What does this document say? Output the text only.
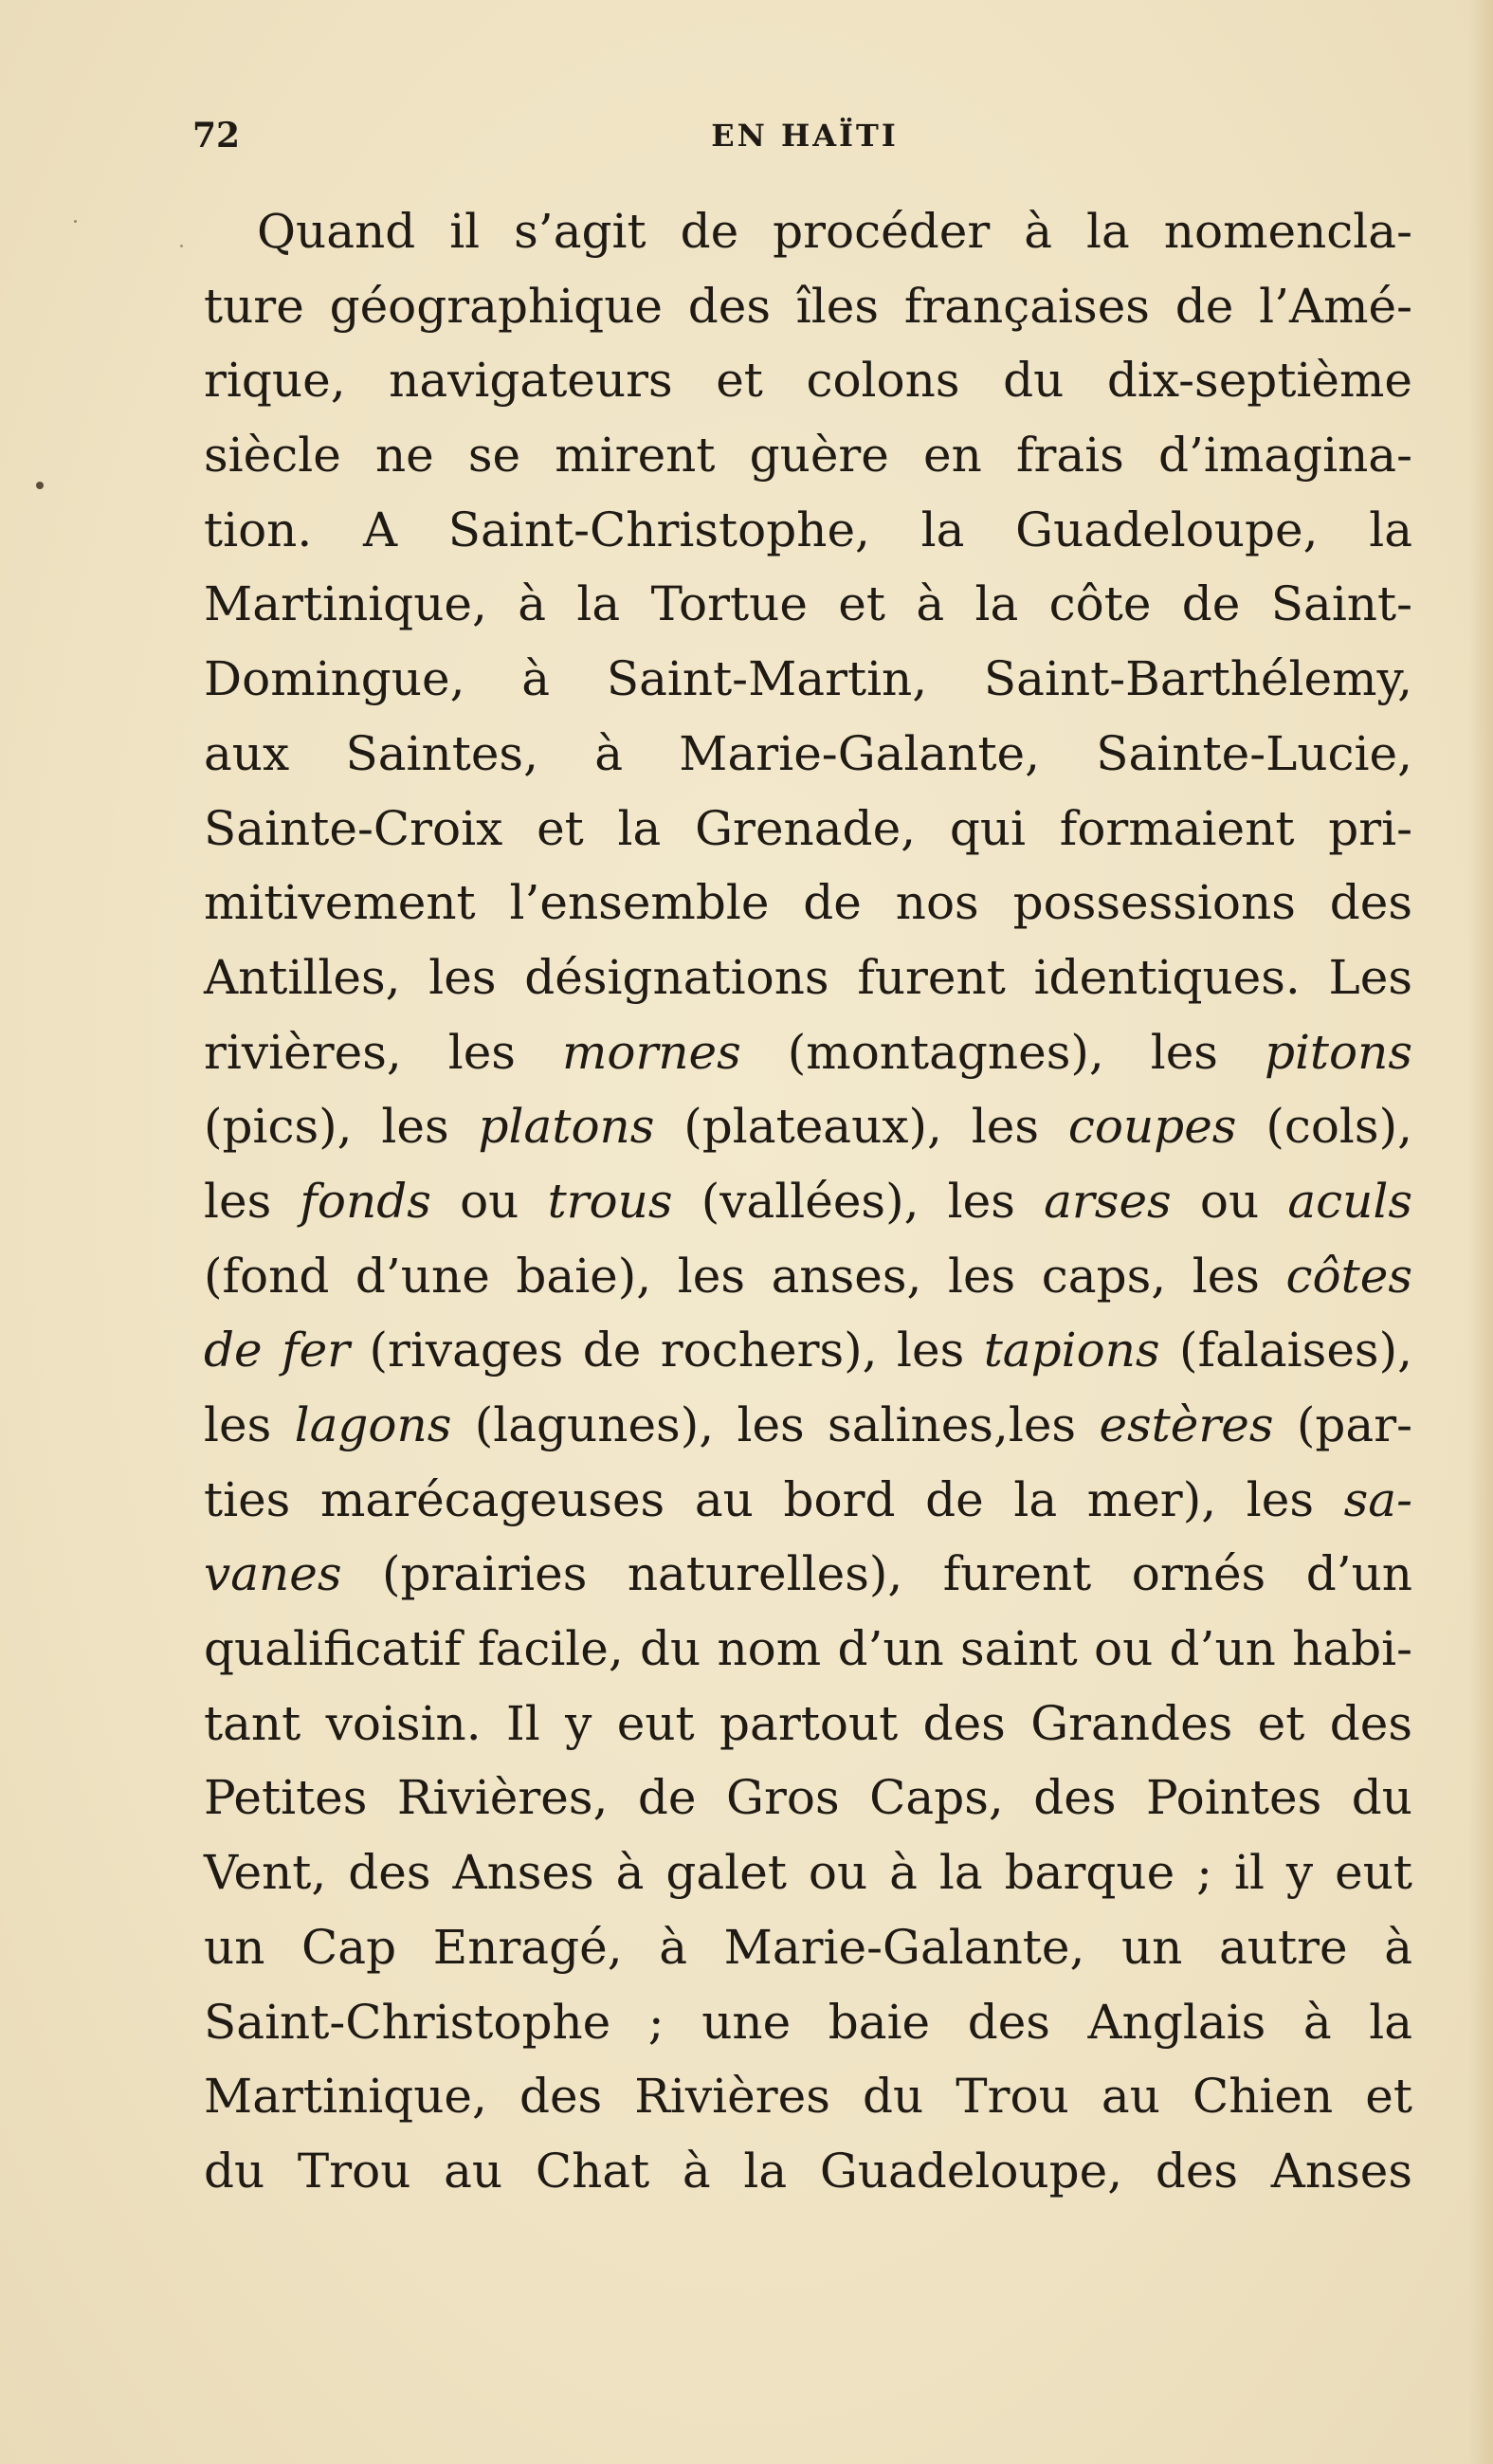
72	EN HAÏTI
Quand il s’agit de procéder à la nomencla-
ture géographique des îles françaises de l’Amé-
rique, navigateurs et colons du dix-septième
siècle ne se mirent guère en frais d’imagina-
tion. A Saint-Christophe, la Guadeloupe, la
Martinique, à la Tortue et à la côte de Saint-
Domingue, à Saint-Martin, Saint-Barthélemy,
aux Saintes, à Marie-Galante, Sainte-Lucie,
Sainte-Croix et la Grenade, qui formaient pri-
mitivement l’ensemble de nos possessions des
Antilles, les désignations furent identiques. Les
rivières, les mornes (montagnes), les pitons
(pics), les platons (plateaux), les coupes (cols),
les fonds ou trous (vallées), les arses ou aculs
(fond d’une baie), les anses, les caps, les côtes
de fer (rivages de rochers), les tapions (falaises),
les lagons (lagunes), les salines,les estères (par-
ties marécageuses au bord de la mer), les sa-
vanes (prairies naturelles), furent ornés d’un
qualificatif facile, du nom d’un saint ou d’un habi-
tant voisin. Il y eut partout des Grandes et des
Petites Rivières, de Gros Caps, des Pointes du
Vent, des Anses à galet ou à la barque ; il y eut
un Cap Enragé, à Marie-Galante, un autre à
Saint-Christophe ; une baie des Anglais à la
Martinique, des Rivières du Trou au Chien et
du Trou au Chat à la Guadeloupe, des Anses
